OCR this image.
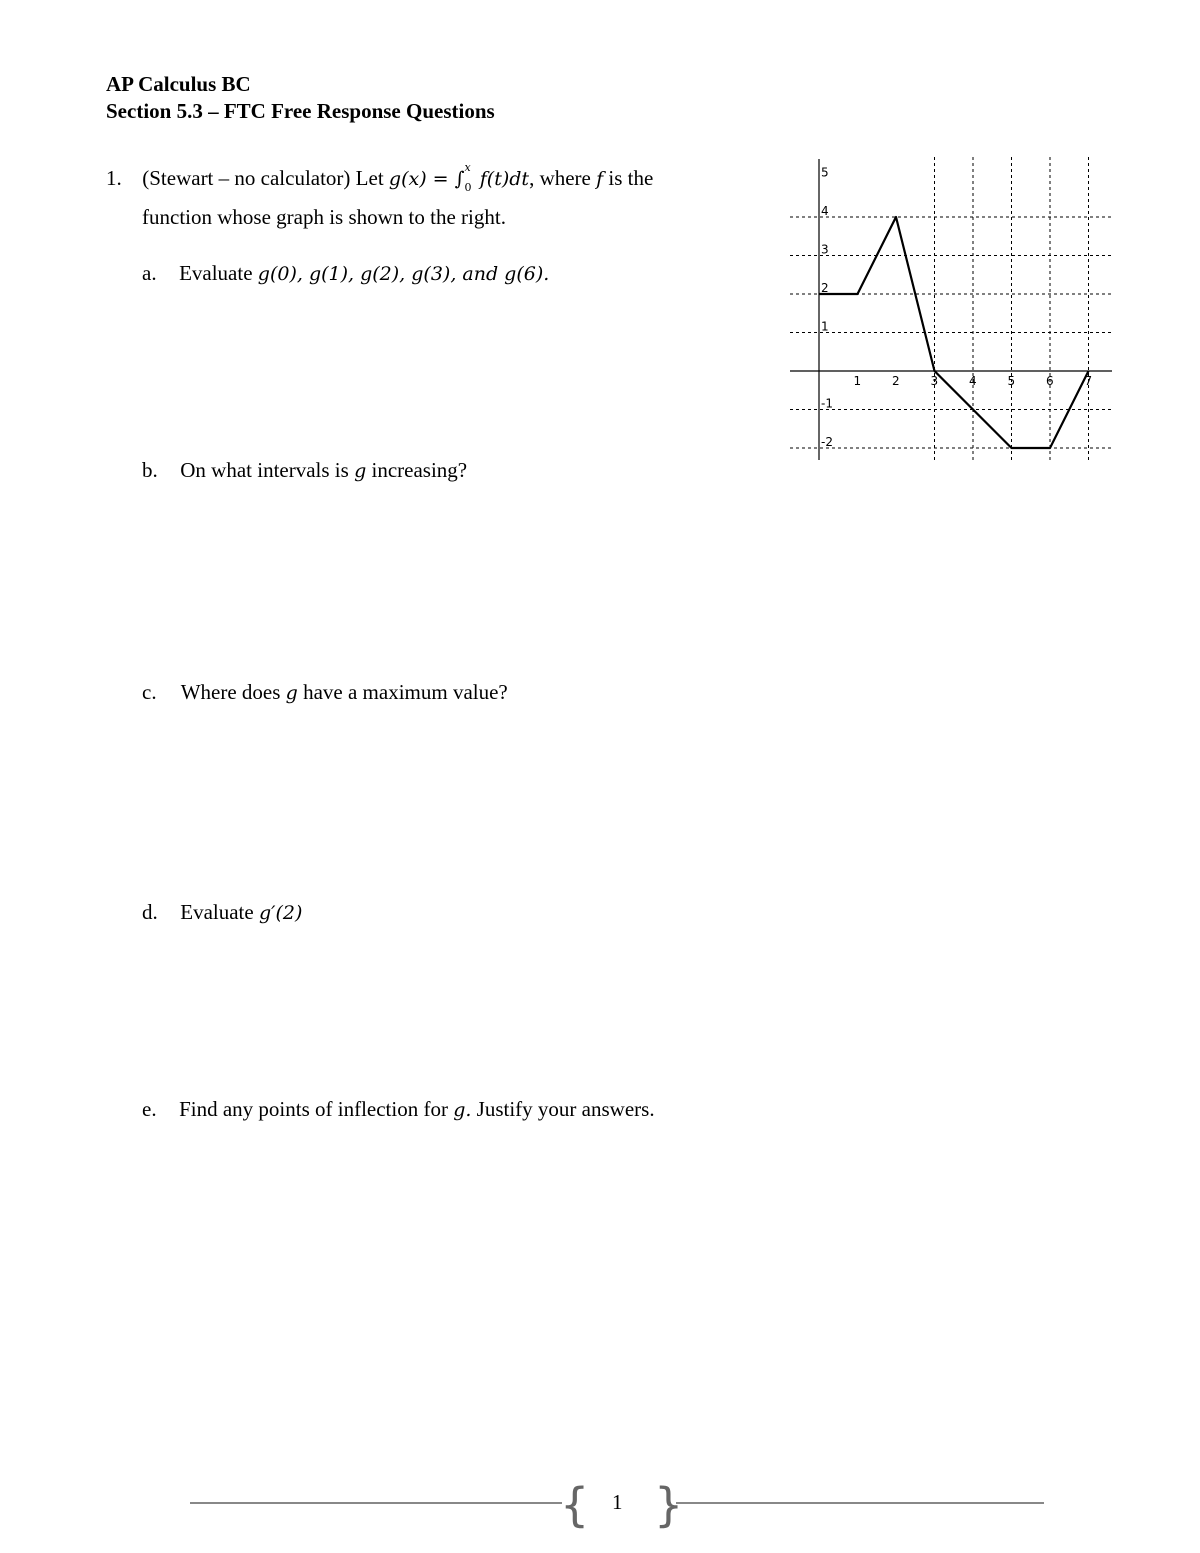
AP Calculus BC
Section 5.3 – FTC Free Response Questions
1. (Stewart – no calculator) Let g(x) = ∫
x
0 f(t)dt, where f is the
function whose graph is shown to the right.
a. Evaluate g(0), g(1), g(2), g(3), and g(6).
b. On what intervals is g increasing?
c. Where does g have a maximum value?
d. Evaluate g′(2)
e. Find any points of inflection for g. Justify your answers.
1	2	3	4	5	6	7
5
4
3
2
1
-1
-2
{ 1 }
